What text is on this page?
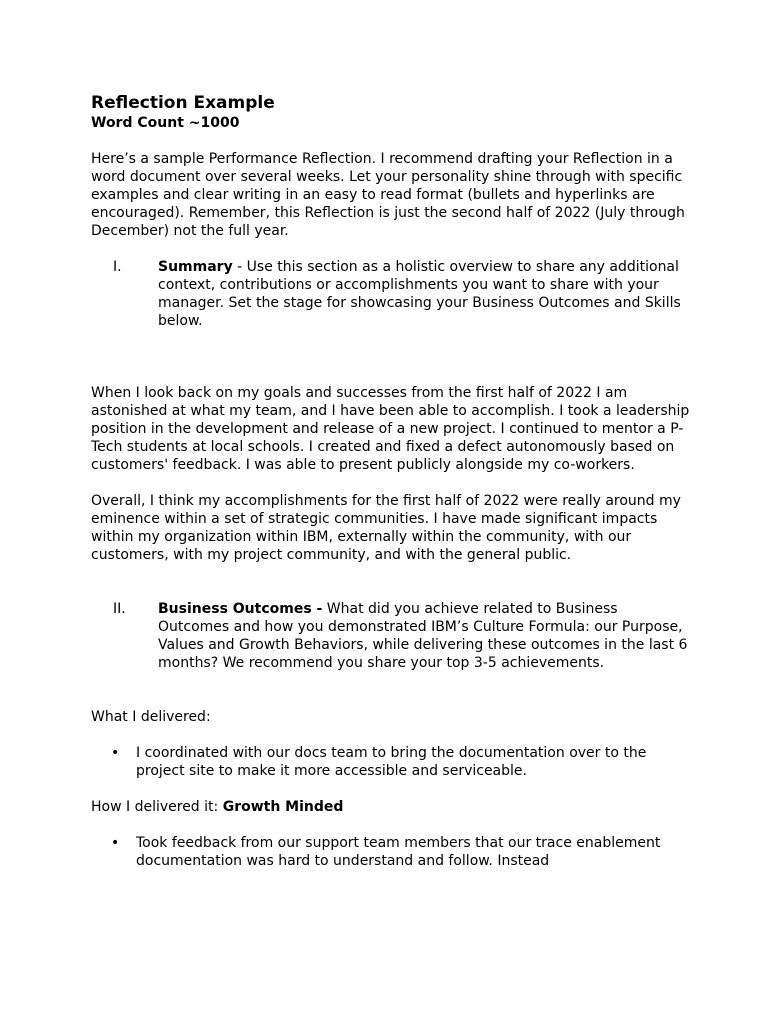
Reflection Example
Word Count ~1000

Here’s a sample Performance Reflection. I recommend drafting your Reflection in a word document over several weeks. Let your personality shine through with specific examples and clear writing in an easy to read format (bullets and hyperlinks are encouraged). Remember, this Reflection is just the second half of 2022 (July through December) not the full year.

I.	Summary - Use this section as a holistic overview to share any additional context, contributions or accomplishments you want to share with your manager. Set the stage for showcasing your Business Outcomes and Skills below.

When I look back on my goals and successes from the first half of 2022 I am astonished at what my team, and I have been able to accomplish. I took a leadership position in the development and release of a new project. I continued to mentor a P-Tech students at local schools. I created and fixed a defect autonomously based on customers' feedback. I was able to present publicly alongside my co-workers.

Overall, I think my accomplishments for the first half of 2022 were really around my eminence within a set of strategic communities. I have made significant impacts within my organization within IBM, externally within the community, with our customers, with my project community, and with the general public.

II. Business Outcomes - What did you achieve related to Business Outcomes and how you demonstrated IBM’s Culture Formula: our Purpose, Values and Growth Behaviors, while delivering these outcomes in the last 6 months? We recommend you share your top 3-5 achievements.

What I delivered:

• I coordinated with our docs team to bring the documentation over to the project site to make it more accessible and serviceable.

How I delivered it: Growth Minded

• Took feedback from our support team members that our trace enablement documentation was hard to understand and follow. Instead
